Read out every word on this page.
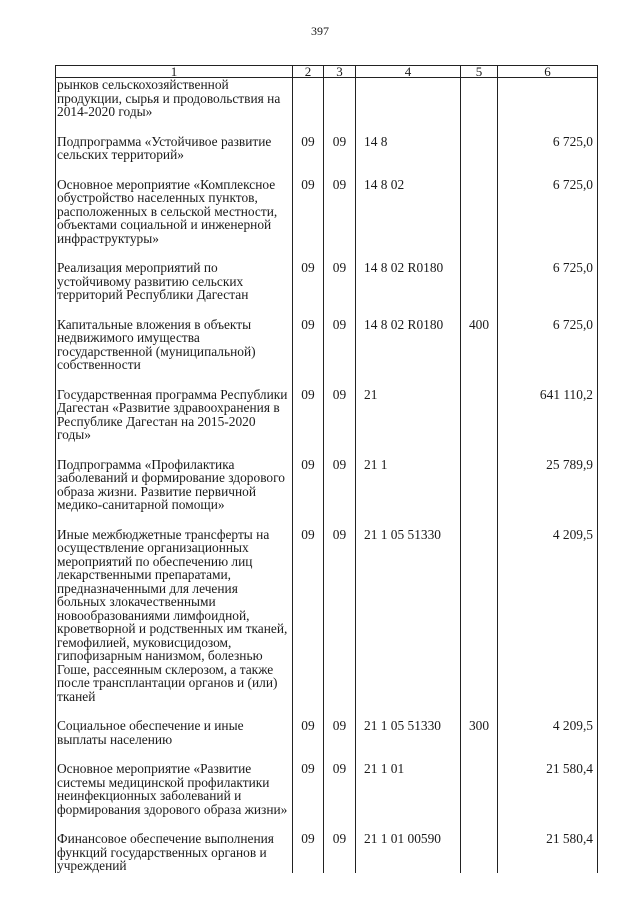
397
1	2	3	4	5	6
рынков сельскохозяйственной продукции, сырья и продовольствия на 2014-2020 годы»					

Подпрограмма «Устойчивое развитие сельских территорий»	09	09	14 8		6 725,0

Основное мероприятие «Комплексное обустройство населенных пунктов, расположенных в сельской местности, объектами социальной и инженерной инфраструктуры»	09	09	14 8 02		6 725,0

Реализация мероприятий по устойчивому развитию сельских территорий Республики Дагестан	09	09	14 8 02 R0180		6 725,0

Капитальные вложения в объекты недвижимого имущества государственной (муниципальной) собственности	09	09	14 8 02 R0180	400	6 725,0

Государственная программа Республики Дагестан «Развитие здравоохранения в Республике Дагестан на 2015-2020 годы»	09	09	21		641 110,2

Подпрограмма «Профилактика заболеваний и формирование здорового образа жизни. Развитие первичной медико-санитарной помощи»	09	09	21 1		25 789,9

Иные межбюджетные трансферты на осуществление организационных мероприятий по обеспечению лиц лекарственными препаратами, предназначенными для лечения больных злокачественными новообразованиями лимфоидной, кроветворной и родственных им тканей, гемофилией, муковисцидозом, гипофизарным нанизмом, болезнью Гоше, рассеянным склерозом, а также после трансплантации органов и (или) тканей	09	09	21 1 05 51330		4 209,5

Социальное обеспечение и иные выплаты населению	09	09	21 1 05 51330	300	4 209,5

Основное мероприятие «Развитие системы медицинской профилактики неинфекционных заболеваний и формирования здорового образа жизни»	09	09	21 1 01		21 580,4

Финансовое обеспечение выполнения функций государственных органов и учреждений	09	09	21 1 01 00590		21 580,4
